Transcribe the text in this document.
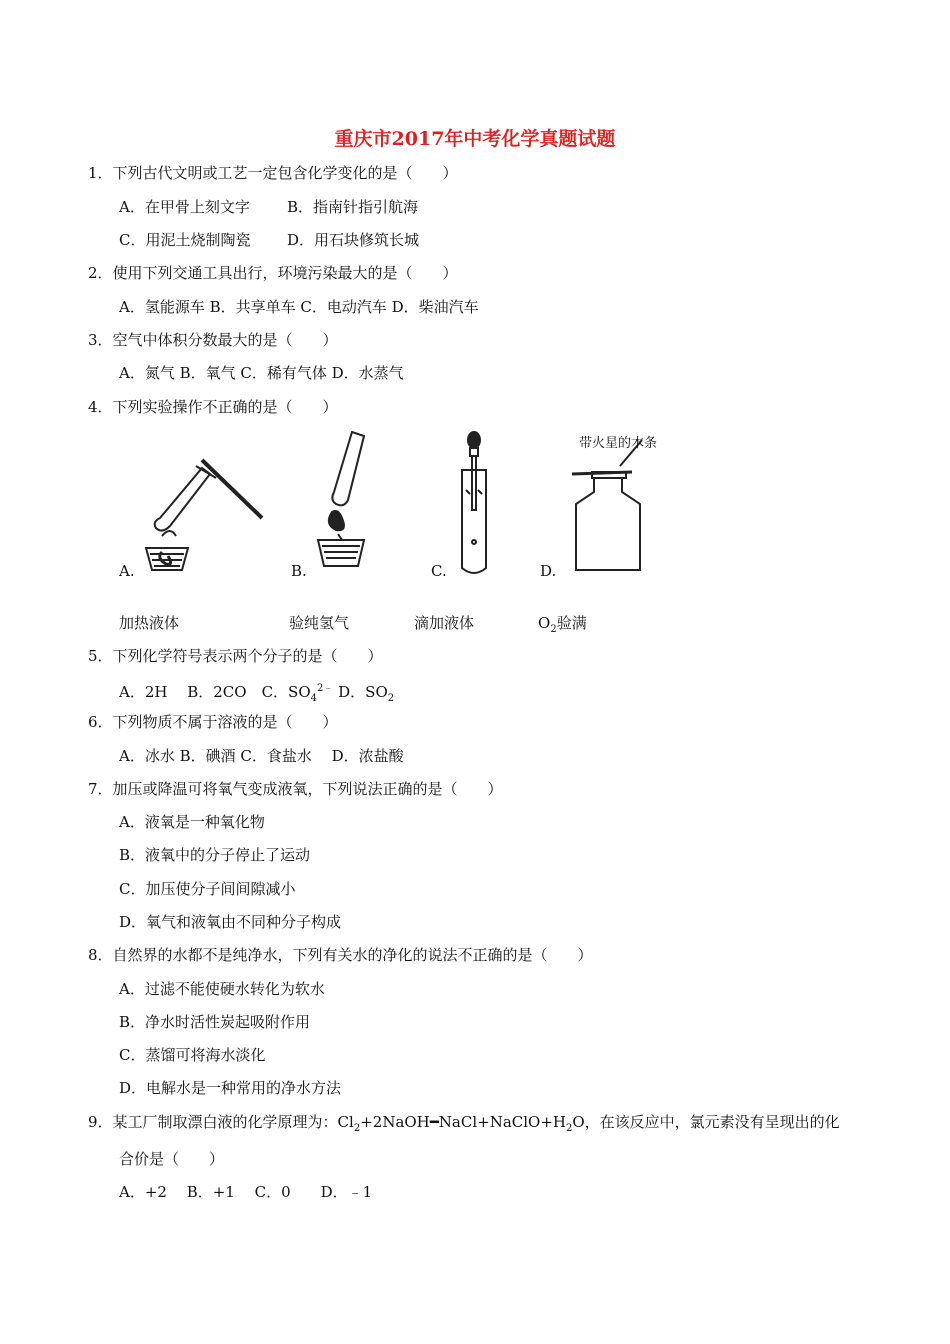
重庆市2017年中考化学真题试题
1．下列古代文明或工艺一定包含化学变化的是（　　）
A．在甲骨上刻文字 B．指南针指引航海
C．用泥土烧制陶瓷 D．用石块修筑长城
2．使用下列交通工具出行，环境污染最大的是（　　）
A．氢能源车 B．共享单车 C．电动汽车 D．柴油汽车
3．空气中体积分数最大的是（　　）
A．氮气 B．氧气 C．稀有气体 D．水蒸气
4．下列实验操作不正确的是（　　）
A.	B.	C.
带火星的木条
D.
加热液体	验纯氢气	滴加液体	$O_2$验满
5．下列化学符号表示两个分子的是（　　）
A．2H　 B．2CO　C．$SO_4^{2﹣}$ D．$SO_2$
6．下列物质不属于溶液的是（　　）
A．冰水 B．碘酒 C．食盐水　 D．浓盐酸
7．加压或降温可将氧气变成液氧，下列说法正确的是（　　）
A．液氧是一种氧化物
B．液氧中的分子停止了运动
C．加压使分子间间隙减小
D．氧气和液氧由不同种分子构成
8．自然界的水都不是纯净水，下列有关水的净化的说法不正确的是（　　）
A．过滤不能使硬水转化为软水
B．净水时活性炭起吸附作用
C．蒸馏可将海水淡化
D．电解水是一种常用的净水方法
9．某工厂制取漂白液的化学原理为：$Cl_2+2NaOH━NaCl+NaClO+H_2O$，在该反应中，氯元素没有呈现出的化
合价是（　　）
A．+2　 B．+1　 C．0　　D．﹣1
